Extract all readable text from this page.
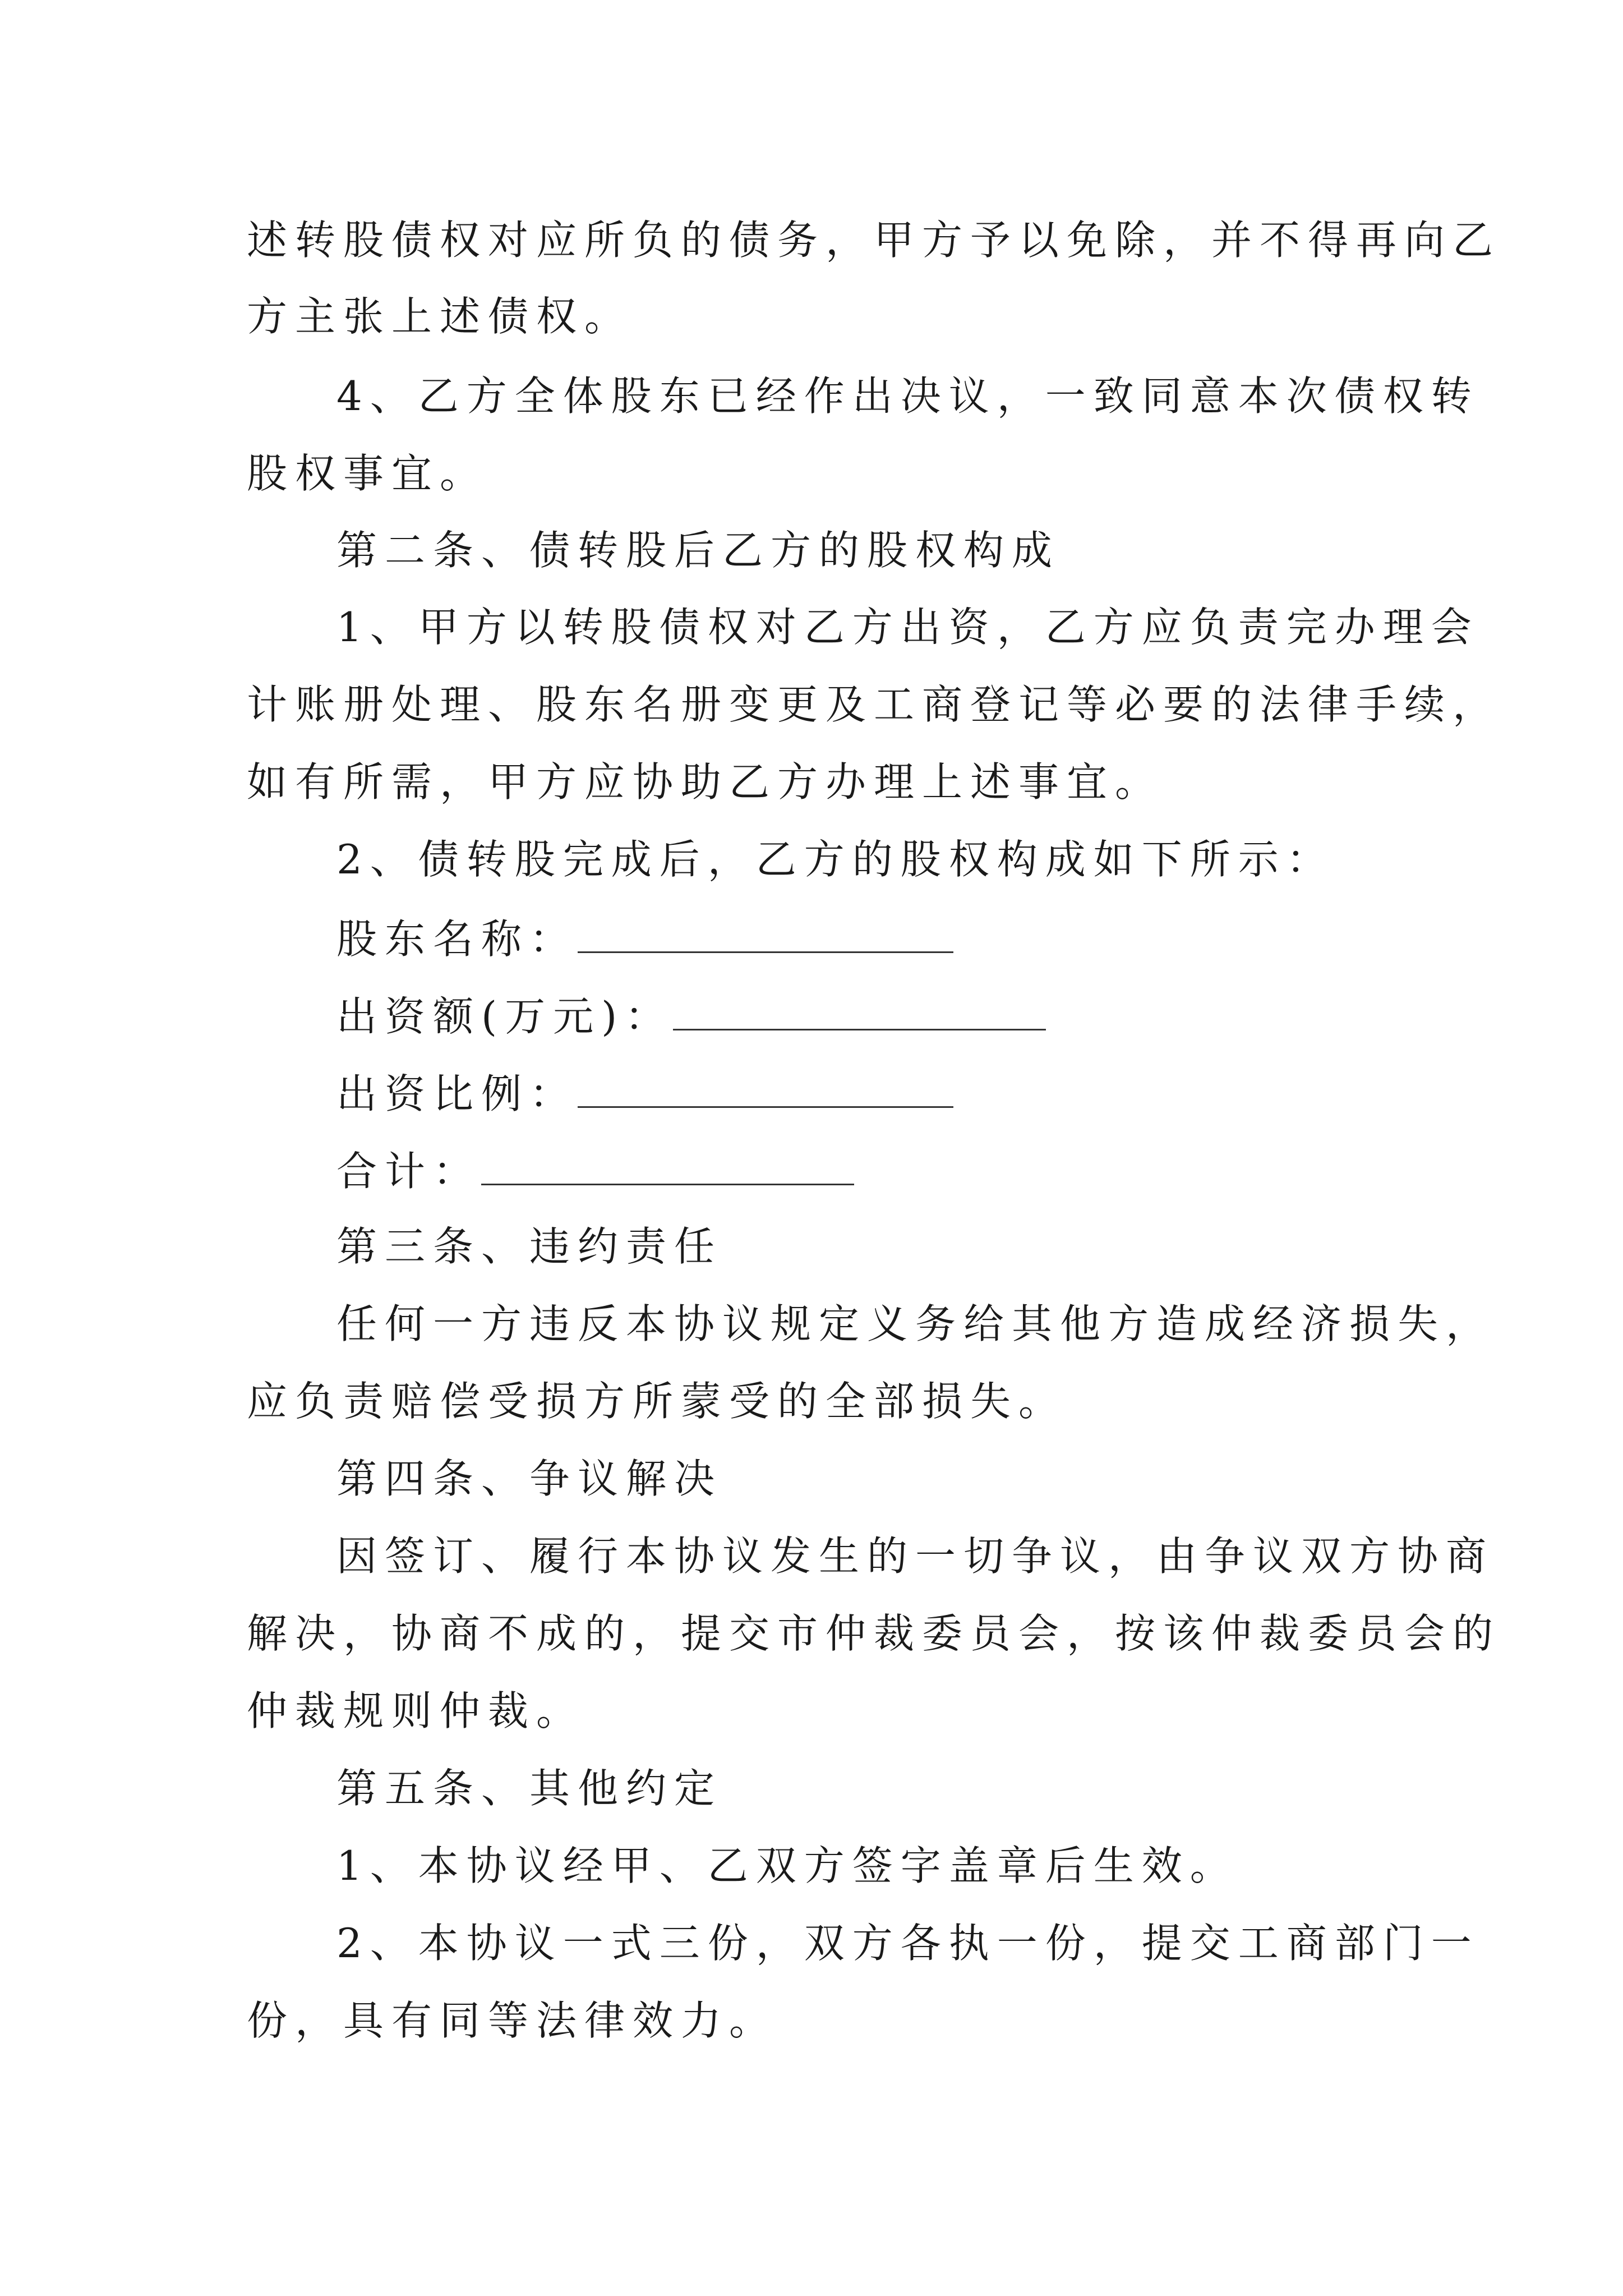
述转股债权对应所负的债务，甲方予以免除，并不得再向乙
方主张上述债权。
4、乙方全体股东已经作出决议，一致同意本次债权转
股权事宜。
第二条、债转股后乙方的股权构成
1、甲方以转股债权对乙方出资，乙方应负责完办理会
计账册处理、股东名册变更及工商登记等必要的法律手续，
如有所需，甲方应协助乙方办理上述事宜。
2、债转股完成后，乙方的股权构成如下所示：
股东名称：
出资额(万元)：
出资比例：
合计：
第三条、违约责任
任何一方违反本协议规定义务给其他方造成经济损失，
应负责赔偿受损方所蒙受的全部损失。
第四条、争议解决
因签订、履行本协议发生的一切争议，由争议双方协商
解决，协商不成的，提交市仲裁委员会，按该仲裁委员会的
仲裁规则仲裁。
第五条、其他约定
1、本协议经甲、乙双方签字盖章后生效。
2、本协议一式三份，双方各执一份，提交工商部门一
份，具有同等法律效力。
